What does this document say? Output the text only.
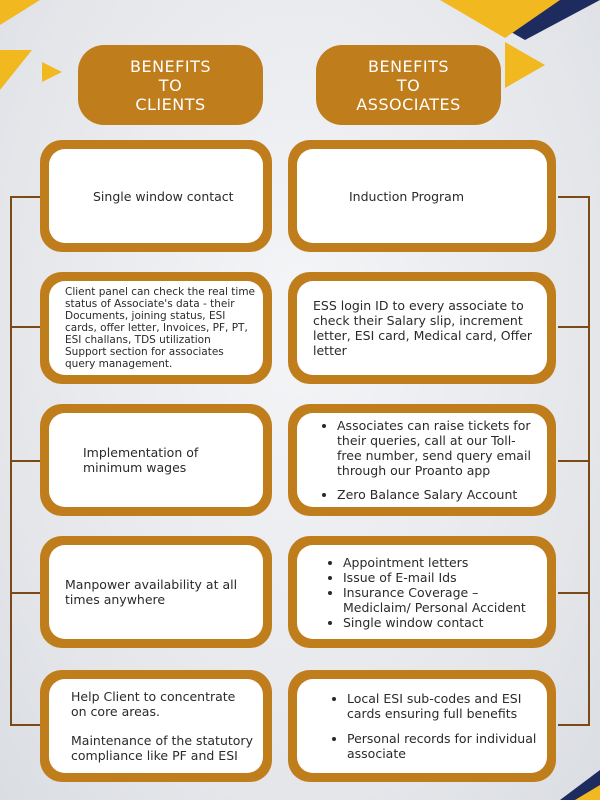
BENEFITS
TO
CLIENTS
BENEFITS
TO
ASSOCIATES
Single window contact
Client panel can check the real time status of Associate's data - their Documents, joining status, ESI cards, offer letter, Invoices, PF, PT, ESI challans, TDS utilization Support section for associates query management.
Implementation of minimum wages
Manpower availability at all times anywhere
Help Client to concentrate on core areas.
Maintenance of the statutory compliance like PF and ESI
Induction Program
ESS login ID to every associate to check their Salary slip, increment letter, ESI card, Medical card, Offer letter
• Associates can raise tickets for their queries, call at our Toll-free number, send query email through our Proanto app
• Zero Balance Salary Account
• Appointment letters
• Issue of E-mail Ids
• Insurance Coverage – Mediclaim/ Personal Accident
• Single window contact
• Local ESI sub-codes and ESI cards ensuring full benefits
• Personal records for individual associate
